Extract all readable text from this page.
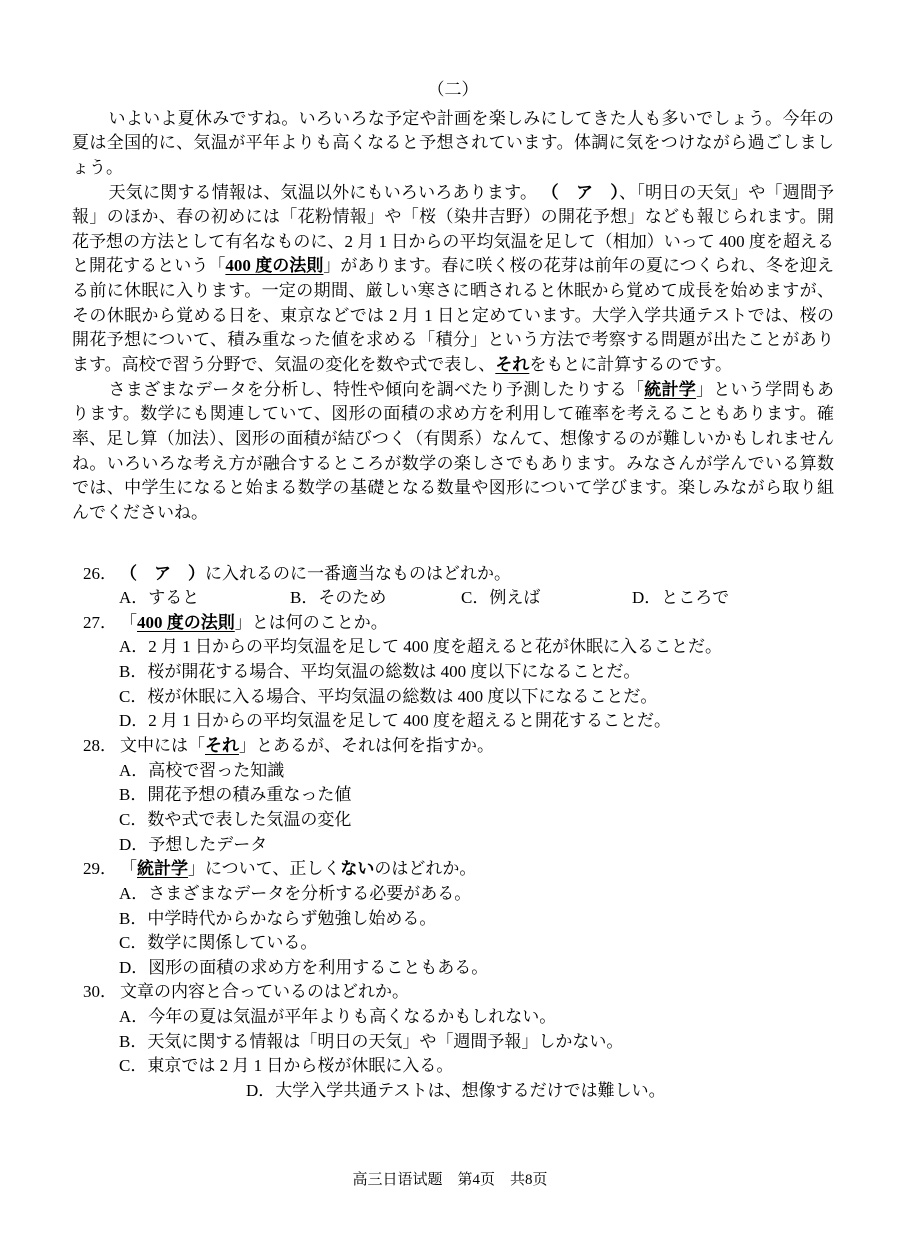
（二）

いよいよ夏休みですね。いろいろな予定や計画を楽しみにしてきた人も多いでしょう。今年の夏は全国的に、気温が平年よりも高くなると予想されています。体調に気をつけながら過ごしましょう。

天気に関する情報は、気温以外にもいろいろあります。 （　ア　）、「明日の天気」や「週間予報」のほか、春の初めには「花粉情報」や「桜（染井吉野）の開花予想」なども報じられます。開花予想の方法として有名なものに、2 月 1 日からの平均気温を足して（相加）いって 400 度を超えると開花するという「400 度の法則」があります。春に咲く桜の花芽は前年の夏につくられ、冬を迎える前に休眠に入ります。一定の期間、厳しい寒さに晒されると休眠から覚めて成長を始めますが、その休眠から覚める日を、東京などでは 2 月 1 日と定めています。大学入学共通テストでは、桜の開花予想について、積み重なった値を求める「積分」という方法で考察する問題が出たことがあります。高校で習う分野で、気温の変化を数や式で表し、それをもとに計算するのです。

さまざまなデータを分析し、特性や傾向を調べたり予測したりする「統計学」という学問もあります。数学にも関連していて、図形の面積の求め方を利用して確率を考えることもあります。確率、足し算（加法）、図形の面積が結びつく（有関系）なんて、想像するのが難しいかもしれませんね。いろいろな考え方が融合するところが数学の楽しさでもあります。みなさんが学んでいる算数では、中学生になると始まる数学の基礎となる数量や図形について学びます。楽しみながら取り組んでくださいね。

26． （　ア　）に入れるのに一番適当なものはどれか。
A．すると	B．そのため	C．例えば	D．ところで
27． 「400 度の法則」とは何のことか。
A．2 月 1 日からの平均気温を足して 400 度を超えると花が休眠に入ることだ。
B．桜が開花する場合、平均気温の総数は 400 度以下になることだ。
C．桜が休眠に入る場合、平均気温の総数は 400 度以下になることだ。
D．2 月 1 日からの平均気温を足して 400 度を超えると開花することだ。
28． 文中には「それ」とあるが、それは何を指すか。
A．高校で習った知識
B．開花予想の積み重なった値
C．数や式で表した気温の変化
D．予想したデータ
29． 「統計学」について、正しくないのはどれか。
A．さまざまなデータを分析する必要がある。
B．中学時代からかならず勉強し始める。
C．数学に関係している。
D．図形の面積の求め方を利用することもある。
30． 文章の内容と合っているのはどれか。
A．今年の夏は気温が平年よりも高くなるかもしれない。
B．天気に関する情報は「明日の天気」や「週間予報」しかない。
C．東京では 2 月 1 日から桜が休眠に入る。
D．大学入学共通テストは、想像するだけでは難しい。
高三日语试题　第4页　共8页
